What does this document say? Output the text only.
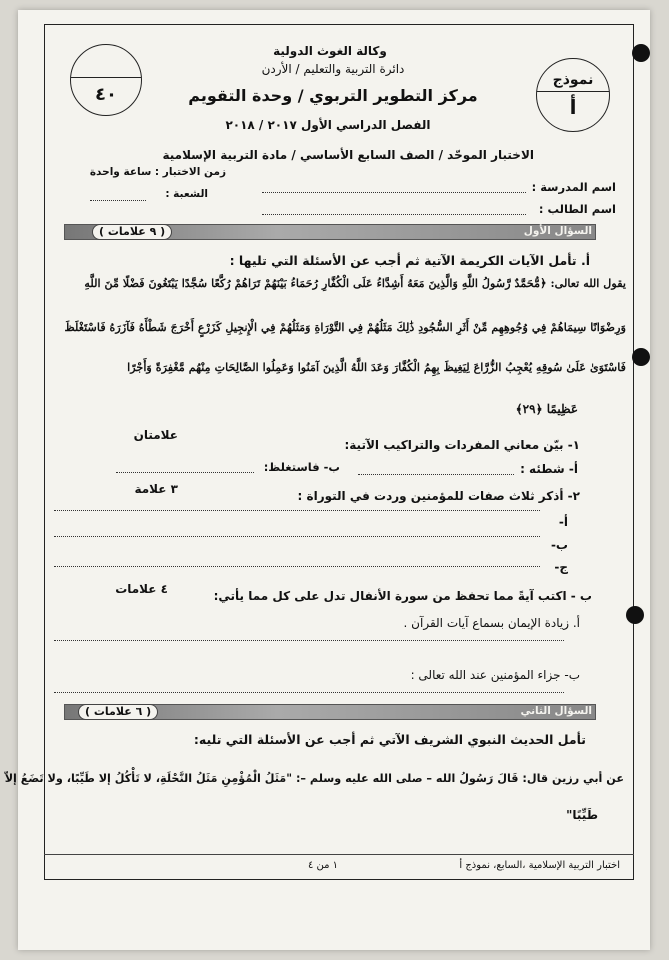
٤٠
نموذج
أ
وكالة الغوث الدولية
دائرة التربية والتعليم / الأردن
مركز التطوير التربوي / وحدة التقويم
الفصل الدراسي الأول ٢٠١٧ / ٢٠١٨
الاختبار الموحّد / الصف السابع الأساسي / مادة التربية الإسلامية
اسم المدرسة :
اسم الطالب :
زمن الاختبار : ساعة واحدة
الشعبة :
السؤال الأول
( ٩ علامات )
أ. تأمل الآيات الكريمة الآتية ثم أجب عن الأسئلة التي تليها :
يقول الله تعالى: ﴿مُّحَمَّدٌ رَّسُولُ اللَّهِ وَالَّذِينَ مَعَهُ أَشِدَّاءُ عَلَى الْكُفَّارِ رُحَمَاءُ بَيْنَهُمْ تَرَاهُمْ رُكَّعًا سُجَّدًا يَبْتَغُونَ فَضْلًا مِّنَ اللَّهِ
وَرِضْوَانًا سِيمَاهُمْ فِي وُجُوهِهِم مِّنْ أَثَرِ السُّجُودِ ذَٰلِكَ مَثَلُهُمْ فِي التَّوْرَاةِ وَمَثَلُهُمْ فِي الْإِنجِيلِ كَزَرْعٍ أَخْرَجَ شَطْأَهُ فَآزَرَهُ فَاسْتَغْلَظَ
فَاسْتَوَىٰ عَلَىٰ سُوقِهِ يُعْجِبُ الزُّرَّاعَ لِيَغِيظَ بِهِمُ الْكُفَّارَ وَعَدَ اللَّهُ الَّذِينَ آمَنُوا وَعَمِلُوا الصَّالِحَاتِ مِنْهُم مَّغْفِرَةً وَأَجْرًا
عَظِيمًا ﴿٢٩﴾
١- بيّن معاني المفردات والتراكيب الآتية:
علامتان
أ- شطئه :
ب- فاستغلظ:
٢- أذكر ثلاث صفات للمؤمنين وردت في التوراة :
٣ علامة
أ-
ب-
ج-
ب - اكتب آيةً مما تحفظ من سورة الأنفال تدل على كل مما يأتي:
٤ علامات
أ. زيادة الإيمان بسماع آيات القرآن .
ب- جزاء المؤمنين عند الله تعالى :
السؤال الثاني
( ٦ علامات )
تأمل الحديث النبوي الشريف الآتي ثم أجب عن الأسئلة التي تليه:
عن أبي رزين قال: قَالَ رَسُولُ الله – صلى الله عليه وسلم –: "مَثَلُ الْمُؤْمِنِ مَثَلُ النَّحْلَةِ، لا تَأْكُلُ إلا طَيِّبًا، ولا تَضَعُ إلاّ
طَيِّبًا"
١ من ٤	اختبار التربية الإسلامية ،السابع، نموذج أ
